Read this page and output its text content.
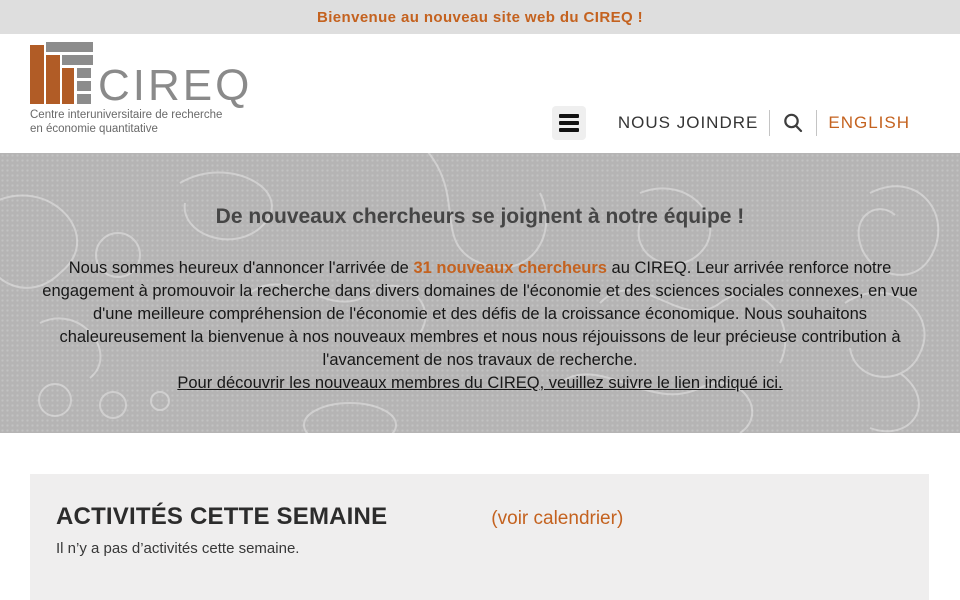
Bienvenue au nouveau site web du CIREQ !
CIREQ
Centre interuniversitaire de recherche
en économie quantitative	NOUS JOINDRE	ENGLISH
De nouveaux chercheurs se joignent à notre équipe !
Nous sommes heureux d'annoncer l'arrivée de 31 nouveaux chercheurs au CIREQ. Leur arrivée renforce notre engagement à promouvoir la recherche dans divers domaines de l'économie et des sciences sociales connexes, en vue d'une meilleure compréhension de l'économie et des défis de la croissance économique. Nous souhaitons chaleureusement la bienvenue à nos nouveaux membres et nous nous réjouissons de leur précieuse contribution à l'avancement de nos travaux de recherche.
Pour découvrir les nouveaux membres du CIREQ, veuillez suivre le lien indiqué ici.
ACTIVITÉS CETTE SEMAINE	(voir calendrier)
Il n’y a pas d’activités cette semaine.
